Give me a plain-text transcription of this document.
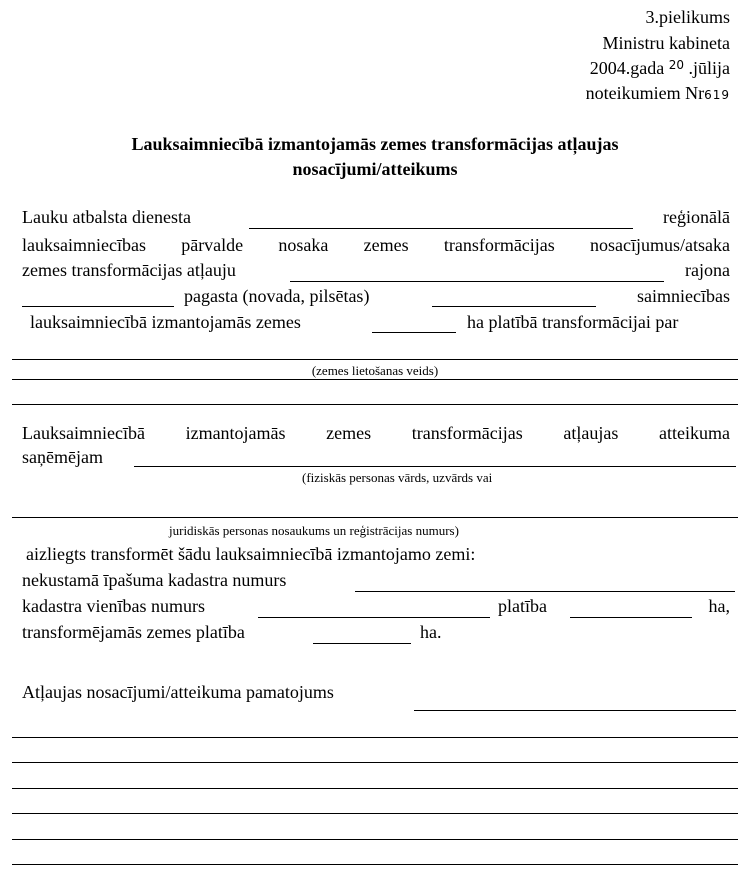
3.pielikums
Ministru kabineta
2004.gada $^{20}$ .jūlija
noteikumiem Nr619
Lauksaimniecībā izmantojamās zemes transformācijas atļaujas
nosacījumi/atteikums
Lauku atbalsta dienesta	reģionālā
lauksaimniecības pārvalde nosaka zemes transformācijas nosacījumus/atsaka
zemes transformācijas atļauju	rajona
pagasta (novada, pilsētas)	saimniecības
lauksaimniecībā izmantojamās zemes	ha platībā transformācijai par
(zemes lietošanas veids)
Lauksaimniecībā izmantojamās zemes transformācijas atļaujas atteikuma
saņēmējam
(fiziskās personas vārds, uzvārds vai
juridiskās personas nosaukums un reģistrācijas numurs)
aizliegts transformēt šādu lauksaimniecībā izmantojamo zemi:
nekustamā īpašuma kadastra numurs
kadastra vienības numurs	platība	ha,
transformējamās zemes platība	ha.
Atļaujas nosacījumi/atteikuma pamatojums
